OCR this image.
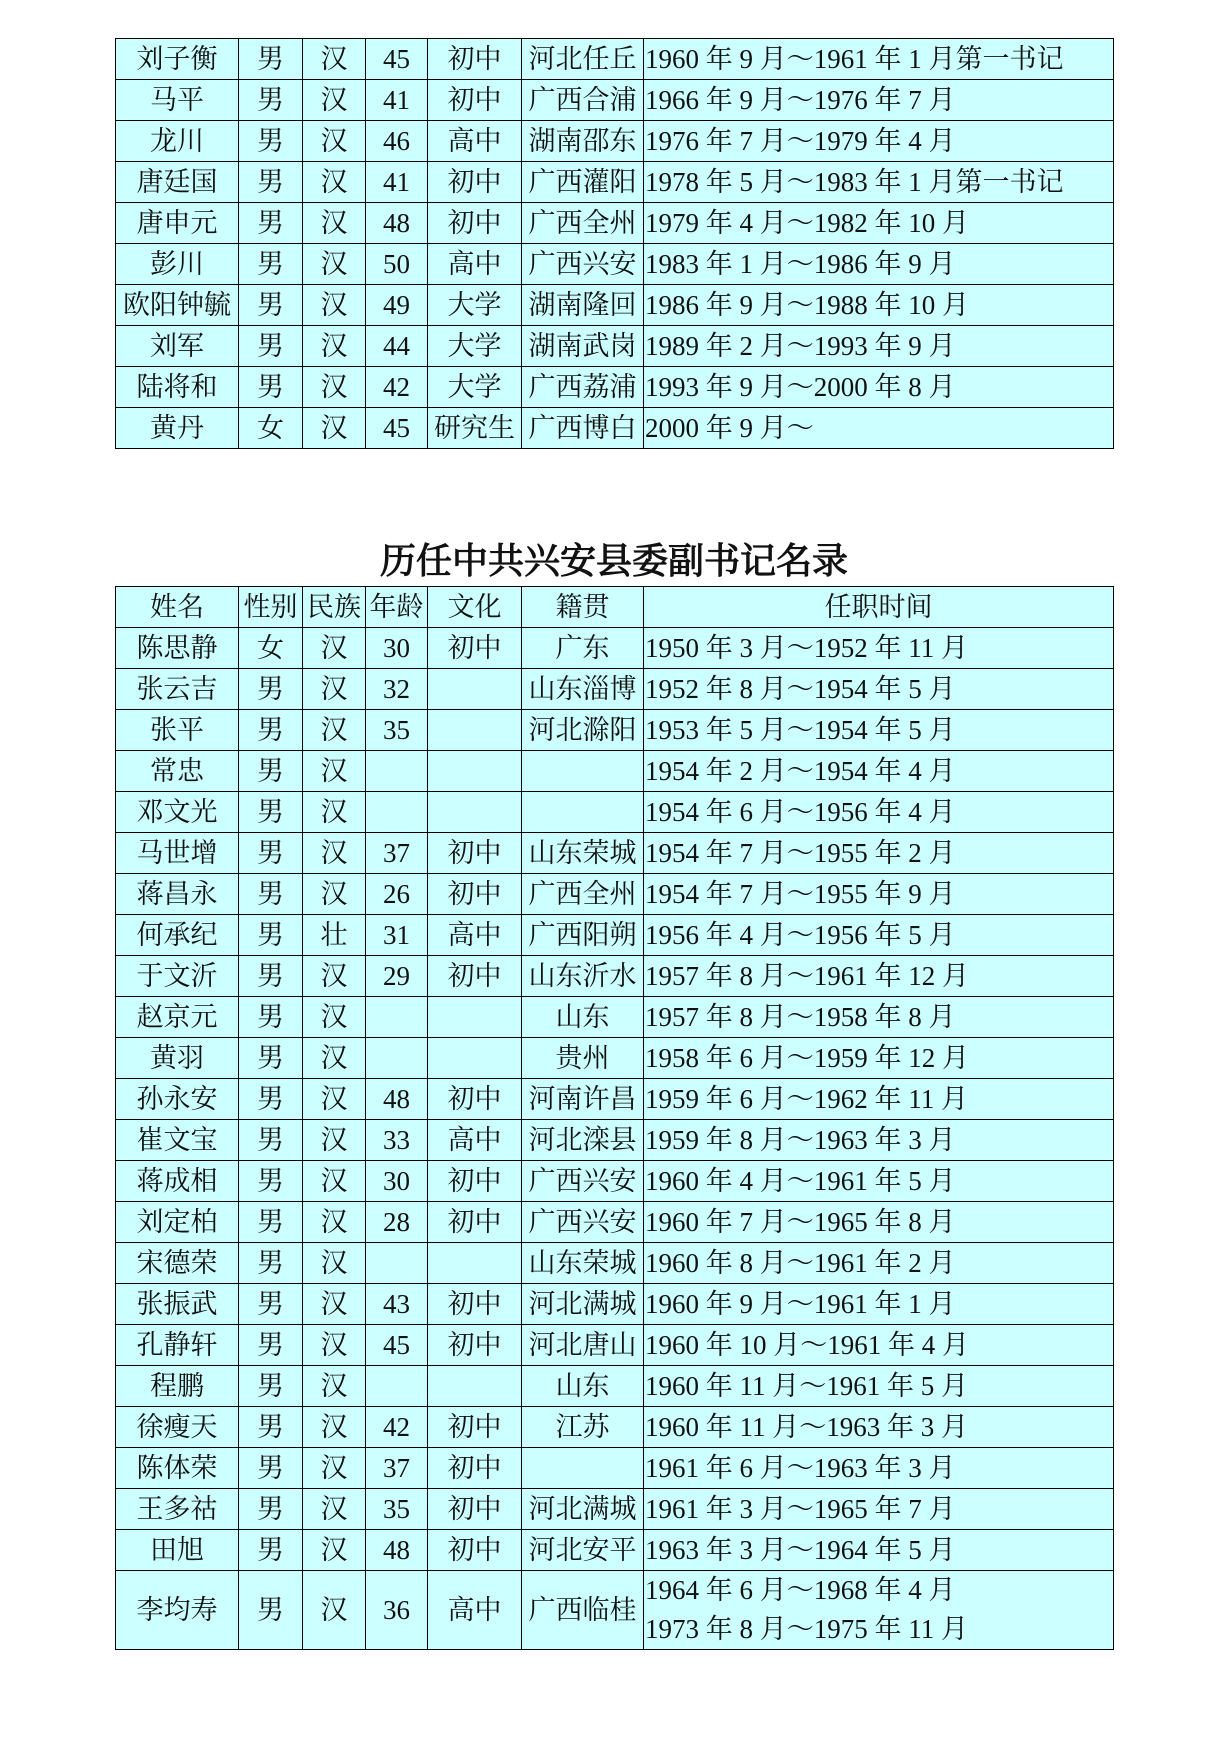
刘子衡	男	汉	45	初中	河北任丘	1960 年 9 月～1961 年 1 月第一书记
马平	男	汉	41	初中	广西合浦	1966 年 9 月～1976 年 7 月
龙川	男	汉	46	高中	湖南邵东	1976 年 7 月～1979 年 4 月
唐廷国	男	汉	41	初中	广西灌阳	1978 年 5 月～1983 年 1 月第一书记
唐申元	男	汉	48	初中	广西全州	1979 年 4 月～1982 年 10 月
彭川	男	汉	50	高中	广西兴安	1983 年 1 月～1986 年 9 月
欧阳钟毓	男	汉	49	大学	湖南隆回	1986 年 9 月～1988 年 10 月
刘军	男	汉	44	大学	湖南武岗	1989 年 2 月～1993 年 9 月
陆将和	男	汉	42	大学	广西荔浦	1993 年 9 月～2000 年 8 月
黄丹	女	汉	45	研究生	广西博白	2000 年 9 月～
历任中共兴安县委副书记名录
姓名	性别	民族	年龄	文化	籍贯	任职时间
陈思静	女	汉	30	初中	广东	1950 年 3 月～1952 年 11 月
张云吉	男	汉	32		山东淄博	1952 年 8 月～1954 年 5 月
张平	男	汉	35		河北滁阳	1953 年 5 月～1954 年 5 月
常忠	男	汉				1954 年 2 月～1954 年 4 月
邓文光	男	汉				1954 年 6 月～1956 年 4 月
马世增	男	汉	37	初中	山东荣城	1954 年 7 月～1955 年 2 月
蒋昌永	男	汉	26	初中	广西全州	1954 年 7 月～1955 年 9 月
何承纪	男	壮	31	高中	广西阳朔	1956 年 4 月～1956 年 5 月
于文沂	男	汉	29	初中	山东沂水	1957 年 8 月～1961 年 12 月
赵京元	男	汉			山东	1957 年 8 月～1958 年 8 月
黄羽	男	汉			贵州	1958 年 6 月～1959 年 12 月
孙永安	男	汉	48	初中	河南许昌	1959 年 6 月～1962 年 11 月
崔文宝	男	汉	33	高中	河北滦县	1959 年 8 月～1963 年 3 月
蒋成相	男	汉	30	初中	广西兴安	1960 年 4 月～1961 年 5 月
刘定柏	男	汉	28	初中	广西兴安	1960 年 7 月～1965 年 8 月
宋德荣	男	汉			山东荣城	1960 年 8 月～1961 年 2 月
张振武	男	汉	43	初中	河北满城	1960 年 9 月～1961 年 1 月
孔静轩	男	汉	45	初中	河北唐山	1960 年 10 月～1961 年 4 月
程鹏	男	汉			山东	1960 年 11 月～1961 年 5 月
徐瘦天	男	汉	42	初中	江苏	1960 年 11 月～1963 年 3 月
陈体荣	男	汉	37	初中		1961 年 6 月～1963 年 3 月
王多祜	男	汉	35	初中	河北满城	1961 年 3 月～1965 年 7 月
田旭	男	汉	48	初中	河北安平	1963 年 3 月～1964 年 5 月
李均寿	男	汉	36	高中	广西临桂	1964 年 6 月～1968 年 4 月
1973 年 8 月～1975 年 11 月
